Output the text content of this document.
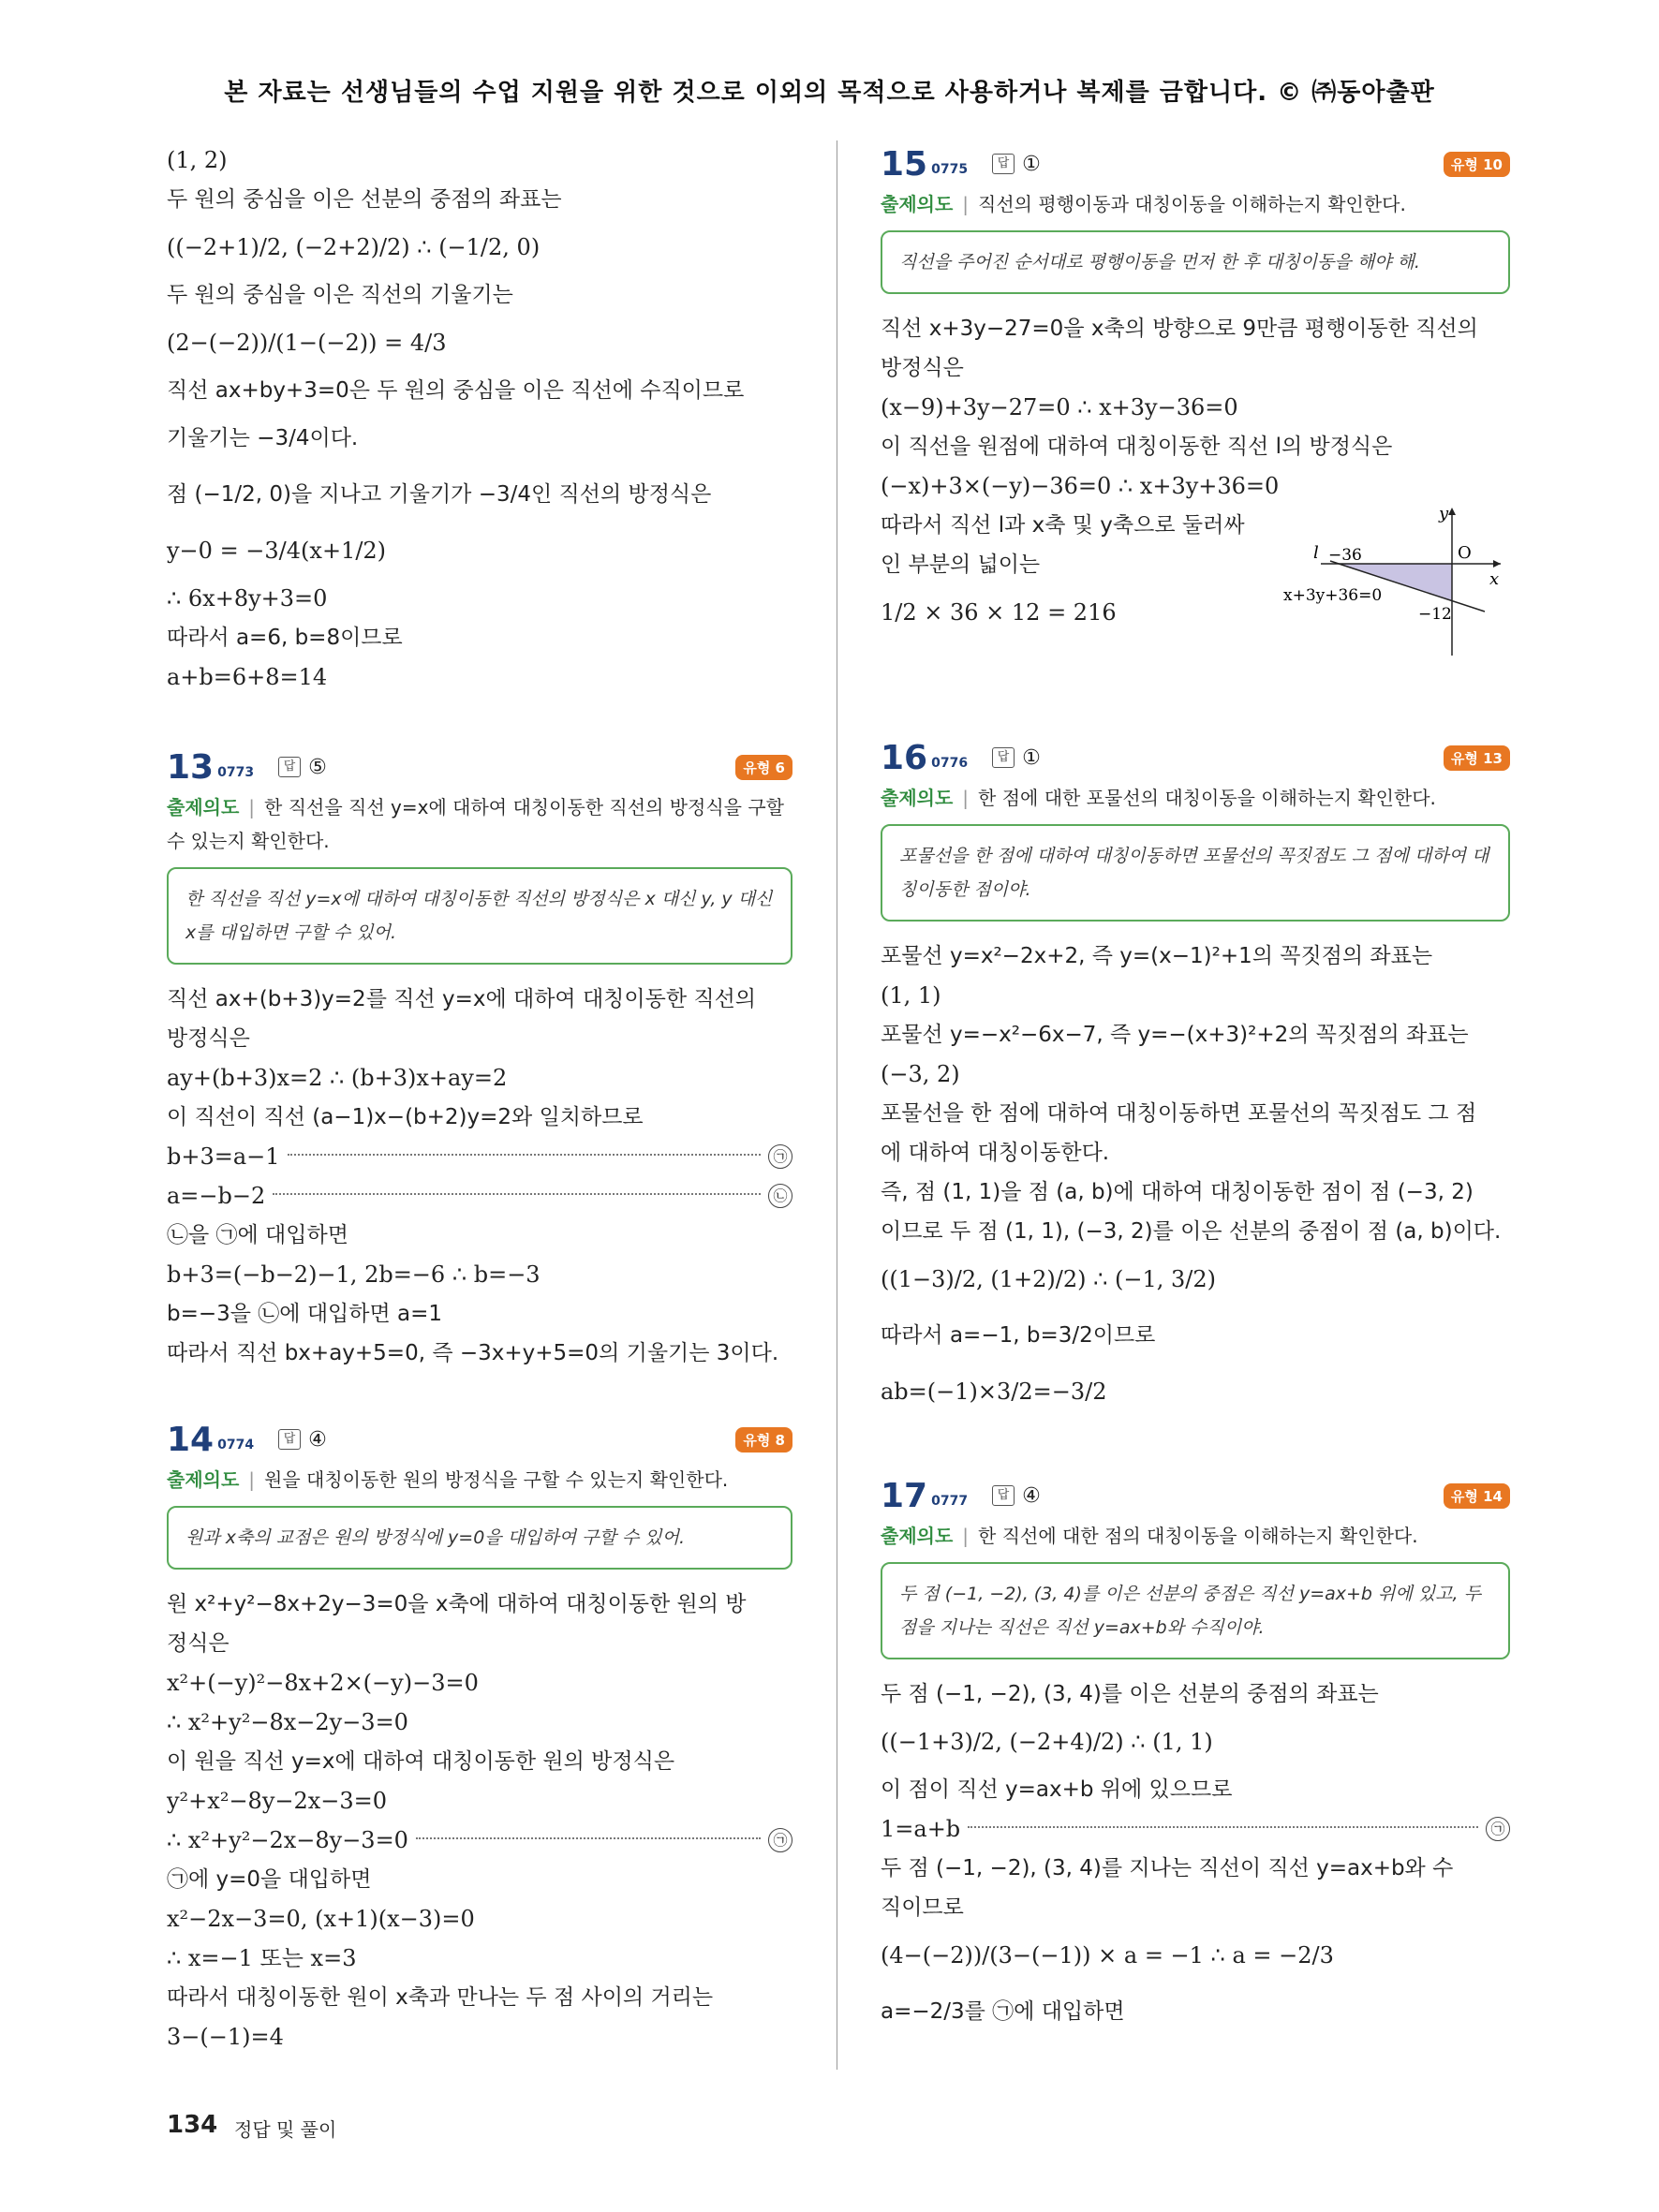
본 자료는 선생님들의 수업 지원을 위한 것으로 이외의 목적으로 사용하거나 복제를 금합니다. © ㈜동아출판
(1, 2)
두 원의 중심을 이은 선분의 중점의 좌표는
((−2+1)/2, (−2+2)/2) ∴ (−1/2, 0)
두 원의 중심을 이은 직선의 기울기는
(2−(−2))/(1−(−2)) = 4/3
직선 ax+by+3=0은 두 원의 중심을 이은 직선에 수직이므로
기울기는 −3/4이다.
점 (−1/2, 0)을 지나고 기울기가 −3/4인 직선의 방정식은
y−0 = −3/4(x+1/2)
∴ 6x+8y+3=0
따라서 a=6, b=8이므로
a+b=6+8=14
13 0773	답 ⑤	유형 6
출제의도 | 한 직선을 직선 y=x에 대하여 대칭이동한 직선의 방정식을 구할 수 있는지 확인한다.
한 직선을 직선 y=x에 대하여 대칭이동한 직선의 방정식은 x 대신 y, y 대신 x를 대입하면 구할 수 있어.
직선 ax+(b+3)y=2를 직선 y=x에 대하여 대칭이동한 직선의
방정식은
ay+(b+3)x=2 ∴ (b+3)x+ay=2
이 직선이 직선 (a−1)x−(b+2)y=2와 일치하므로
b+3=a−1	㉠
a=−b−2	㉡
㉡을 ㉠에 대입하면
b+3=(−b−2)−1, 2b=−6 ∴ b=−3
b=−3을 ㉡에 대입하면 a=1
따라서 직선 bx+ay+5=0, 즉 −3x+y+5=0의 기울기는 3이다.
14 0774	답 ④	유형 8
출제의도 | 원을 대칭이동한 원의 방정식을 구할 수 있는지 확인한다.
원과 x축의 교점은 원의 방정식에 y=0을 대입하여 구할 수 있어.
원 x²+y²−8x+2y−3=0을 x축에 대하여 대칭이동한 원의 방
정식은
x²+(−y)²−8x+2×(−y)−3=0
∴ x²+y²−8x−2y−3=0
이 원을 직선 y=x에 대하여 대칭이동한 원의 방정식은
y²+x²−8y−2x−3=0
∴ x²+y²−2x−8y−3=0	㉠
㉠에 y=0을 대입하면
x²−2x−3=0, (x+1)(x−3)=0
∴ x=−1 또는 x=3
따라서 대칭이동한 원이 x축과 만나는 두 점 사이의 거리는
3−(−1)=4
15 0775	답 ①	유형 10
출제의도 | 직선의 평행이동과 대칭이동을 이해하는지 확인한다.
직선을 주어진 순서대로 평행이동을 먼저 한 후 대칭이동을 해야 해.
직선 x+3y−27=0을 x축의 방향으로 9만큼 평행이동한 직선의
방정식은
(x−9)+3y−27=0 ∴ x+3y−36=0
이 직선을 원점에 대하여 대칭이동한 직선 l의 방정식은
(−x)+3×(−y)−36=0 ∴ x+3y+36=0
따라서 직선 l과 x축 및 y축으로 둘러싸
인 부분의 넓이는
1/2 × 36 × 12 = 216
y
O
x
l −36
−12
x+3y+36=0
16 0776	답 ①	유형 13
출제의도 | 한 점에 대한 포물선의 대칭이동을 이해하는지 확인한다.
포물선을 한 점에 대하여 대칭이동하면 포물선의 꼭짓점도 그 점에 대하여 대칭이동한 점이야.
포물선 y=x²−2x+2, 즉 y=(x−1)²+1의 꼭짓점의 좌표는
(1, 1)
포물선 y=−x²−6x−7, 즉 y=−(x+3)²+2의 꼭짓점의 좌표는
(−3, 2)
포물선을 한 점에 대하여 대칭이동하면 포물선의 꼭짓점도 그 점
에 대하여 대칭이동한다.
즉, 점 (1, 1)을 점 (a, b)에 대하여 대칭이동한 점이 점 (−3, 2)
이므로 두 점 (1, 1), (−3, 2)를 이은 선분의 중점이 점 (a, b)이다.
((1−3)/2, (1+2)/2) ∴ (−1, 3/2)
따라서 a=−1, b=3/2이므로
ab=(−1)×3/2=−3/2
17 0777	답 ④	유형 14
출제의도 | 한 직선에 대한 점의 대칭이동을 이해하는지 확인한다.
두 점 (−1, −2), (3, 4)를 이은 선분의 중점은 직선 y=ax+b 위에 있고, 두 점을 지나는 직선은 직선 y=ax+b와 수직이야.
두 점 (−1, −2), (3, 4)를 이은 선분의 중점의 좌표는
((−1+3)/2, (−2+4)/2) ∴ (1, 1)
이 점이 직선 y=ax+b 위에 있으므로
1=a+b	㉠
두 점 (−1, −2), (3, 4)를 지나는 직선이 직선 y=ax+b와 수
직이므로
(4−(−2))/(3−(−1)) × a = −1 ∴ a = −2/3
a=−2/3를 ㉠에 대입하면
134 정답 및 풀이
